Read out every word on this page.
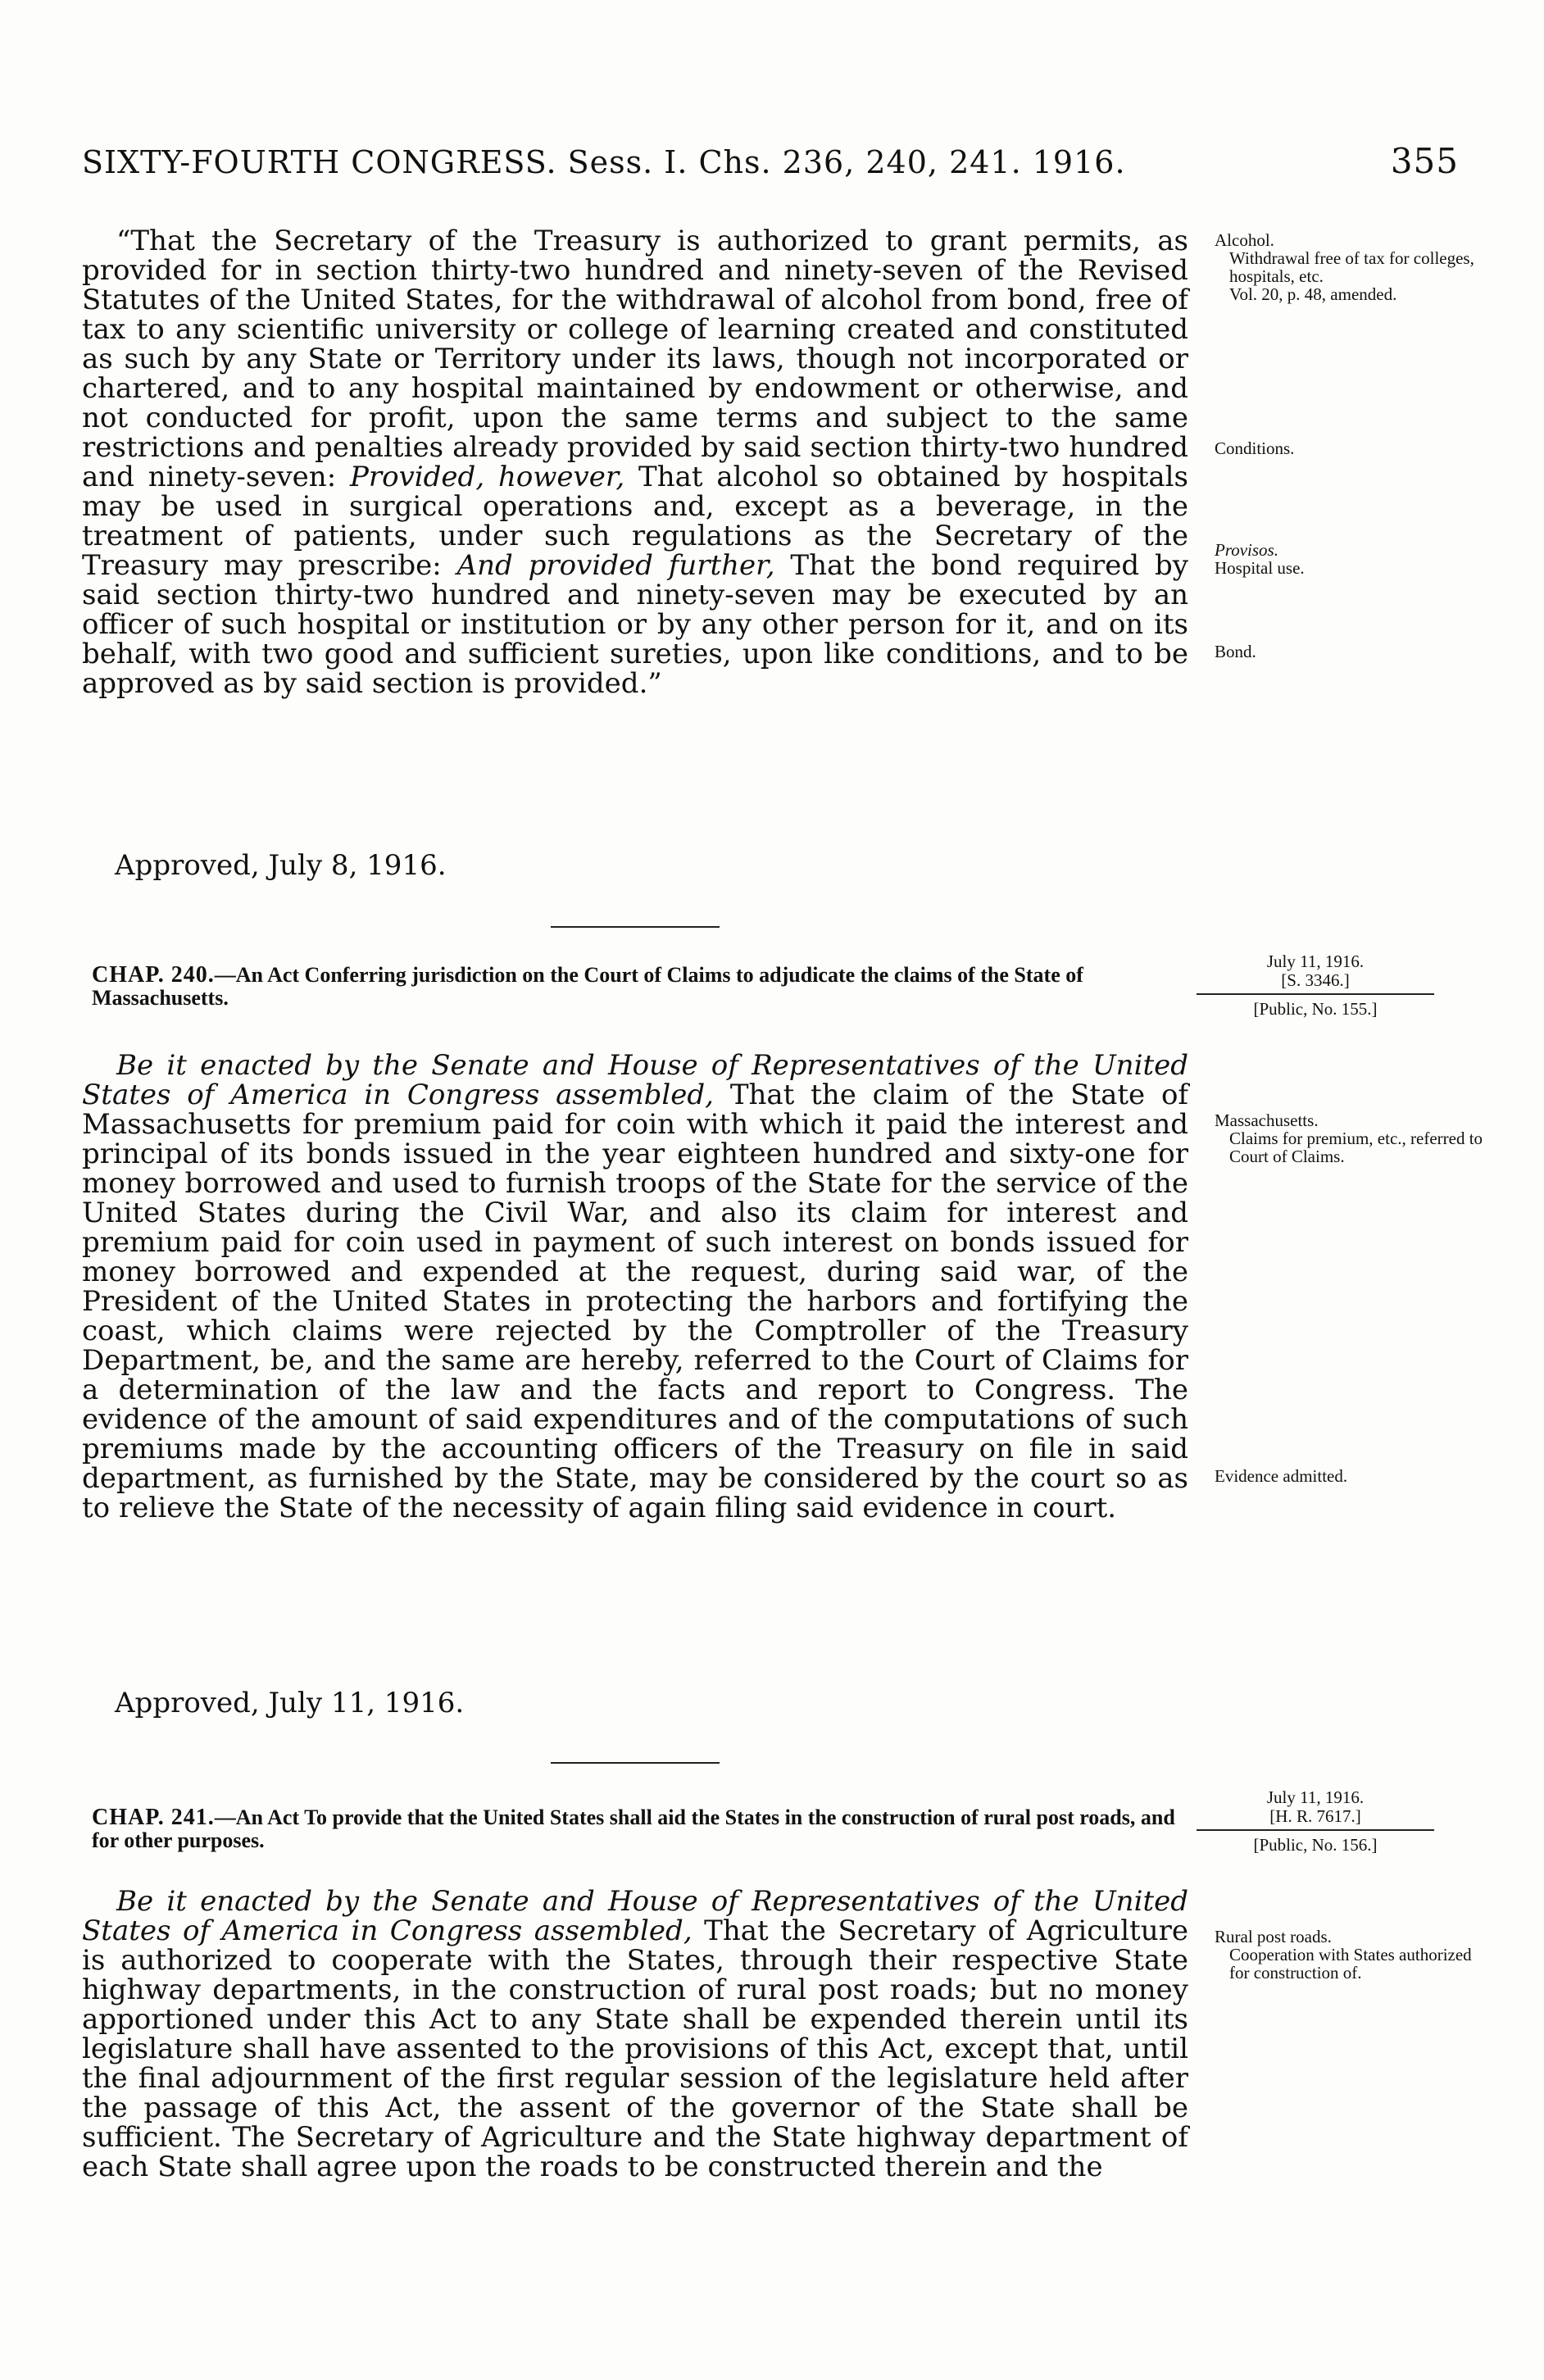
SIXTY-FOURTH CONGRESS. Sess. I. Chs. 236, 240, 241. 1916.	355

“That the Secretary of the Treasury is authorized to grant permits, as provided for in section thirty-two hundred and ninety-seven of the Revised Statutes of the United States, for the withdrawal of alcohol from bond, free of tax to any scientific university or college of learning created and constituted as such by any State or Territory under its laws, though not incorporated or chartered, and to any hospital maintained by endowment or otherwise, and not conducted for profit, upon the same terms and subject to the same restrictions and penalties already provided by said section thirty-two hundred and ninety-seven: Provided, however, That alcohol so obtained by hospitals may be used in surgical operations and, except as a beverage, in the treatment of patients, under such regulations as the Secretary of the Treasury may prescribe: And provided further, That the bond required by said section thirty-two hundred and ninety-seven may be executed by an officer of such hospital or institution or by any other person for it, and on its behalf, with two good and sufficient sureties, upon like conditions, and to be approved as by said section is provided.”

Approved, July 8, 1916.
Alcohol.
Withdrawal free of tax for colleges, hospitals, etc.
Vol. 20, p. 48, amended.
Conditions.
Provisos.
Hospital use.
Bond.
July 11, 1916.
[S. 3346.]
[Public, No. 155.]
CHAP. 240.—An Act Conferring jurisdiction on the Court of Claims to adjudicate the claims of the State of Massachusetts.

Be it enacted by the Senate and House of Representatives of the United States of America in Congress assembled, That the claim of the State of Massachusetts for premium paid for coin with which it paid the interest and principal of its bonds issued in the year eighteen hundred and sixty-one for money borrowed and used to furnish troops of the State for the service of the United States during the Civil War, and also its claim for interest and premium paid for coin used in payment of such interest on bonds issued for money borrowed and expended at the request, during said war, of the President of the United States in protecting the harbors and fortifying the coast, which claims were rejected by the Comptroller of the Treasury Department, be, and the same are hereby, referred to the Court of Claims for a determination of the law and the facts and report to Congress. The evidence of the amount of said expenditures and of the computations of such premiums made by the accounting officers of the Treasury on file in said department, as furnished by the State, may be considered by the court so as to relieve the State of the necessity of again filing said evidence in court.

Approved, July 11, 1916.
Massachusetts.
Claims for premium, etc., referred to Court of Claims.
Evidence admitted.
July 11, 1916.
[H. R. 7617.]
[Public, No. 156.]
CHAP. 241.—An Act To provide that the United States shall aid the States in the construction of rural post roads, and for other purposes.

Be it enacted by the Senate and House of Representatives of the United States of America in Congress assembled, That the Secretary of Agriculture is authorized to cooperate with the States, through their respective State highway departments, in the construction of rural post roads; but no money apportioned under this Act to any State shall be expended therein until its legislature shall have assented to the provisions of this Act, except that, until the final adjournment of the first regular session of the legislature held after the passage of this Act, the assent of the governor of the State shall be sufficient. The Secretary of Agriculture and the State highway department of each State shall agree upon the roads to be constructed therein and the

Rural post roads.
Cooperation with States authorized for construction of.
